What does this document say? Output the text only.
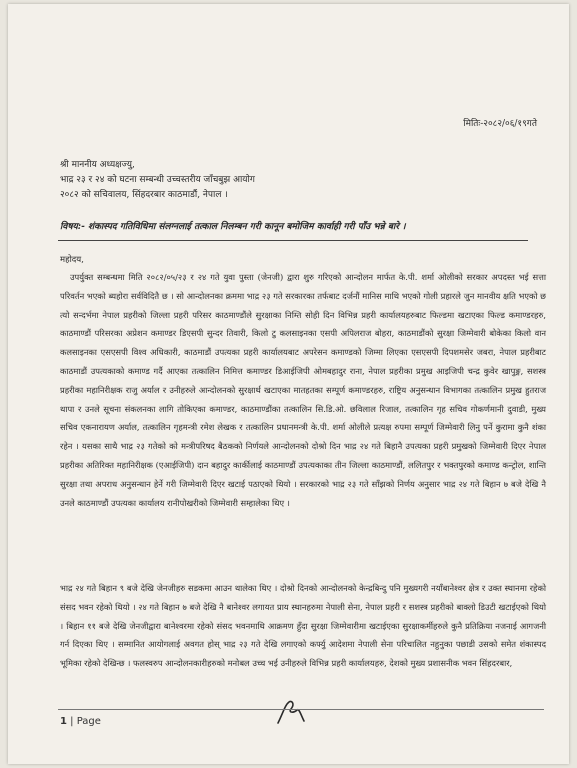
मितिः-२०८२/०६/१९गते
श्री माननीय अध्यक्षज्यु,
भाद्र २३ र २४ को घटना सम्बन्धी उच्चस्तरीय जाँचबुझ आयोग
२०८२ को सचिवालय, सिंहदरबार काठमाडौं, नेपाल ।
विषय:- शंकास्पद गतिविधिमा संलग्नलाई तत्काल निलम्बन गरी कानून बमोजिम कार्वाही गरी पाँउ भन्ने बारे ।
महोदय,
उपर्युक्त सम्बन्धमा मिति २०८२/०५/२३ र २४ गते युवा पुस्ता (जेनजी) द्वारा शुरु गरिएको आन्दोलन मार्फत के.पी. शर्मा ओलीको सरकार अपदस्त भई सत्ता परिवर्तन भएको ब्यहोरा सर्वविदितै छ । सो आन्दोलनका क्रममा भाद्र २३ गते सरकारका तर्फबाट दर्जनौं मानिस माथि भएको गोली प्रहारले जुन मानवीय क्षति भएको छ त्यो सन्दर्भमा नेपाल प्रहरीको जिल्ला प्रहरी परिसर काठमाण्डौंले सुरक्षाका निम्ति सोही दिन विभिन्न प्रहरी कार्यालयहरुबाट फिल्डमा खटाएका फिल्ड कमाण्डरहरु, काठमाण्डौं परिसरका अप्रेशन कमाण्डर डिएसपी सुन्दर तिवारी, किलो टु कलसाइनका एसपी अपिलराज बोहरा, काठमाडौंको सुरक्षा जिम्मेवारी बोकेका किलो वान कलसाइनका एसएसपी विश्व अधिकारी, काठमाडौं उपत्यका प्रहरी कार्यालयबाट अपरेसन कमाण्डको जिम्मा लिएका एसएसपी दिपशमसेर जबरा, नेपाल प्रहरीबाट काठमाडौं उपत्यकाको कमाण्ड गर्दै आएका तत्कालिन निमित्त कमाण्डर डिआईजिपी ओमबहादुर राना, नेपाल प्रहरीका प्रमुख आइजिपी चन्द्र कुवेर खापुङ्ग, सशस्त्र प्रहरीका महानिरीक्षक राजु अर्याल र उनीहरुले आन्दोलनको सुरक्षार्थ खटाएका मातहतका सम्पूर्ण कमाण्डरहरु, राष्ट्रिय अनुसन्धान विभागका तत्कालिन प्रमुख हुतराज थापा र उनले सूचना संकलनका लागि तोकिएका कमाण्डर, काठमाण्डौंका तत्कालिन सि.डि.ओ. छविलाल रिजाल, तत्कालिन गृह सचिव गोकर्णमानी दुवाडी, मुख्य सचिव एकनारायण अर्याल, तत्कालिन गृहमन्त्री रमेश लेखक र तत्कालिन प्रधानमन्त्री के.पी. शर्मा ओलीले प्रत्यक्ष रुपमा सम्पूर्ण जिम्मेवारी लिनु पर्ने कुरामा कुनै शंका रहेन । यसका साथै भाद्र २३ गतेको को मन्त्रीपरिषद बैठकको निर्णयले आन्दोलनको दोश्रो दिन भाद्र २४ गते बिहानै उपत्यका प्रहरी प्रमुखको जिम्मेवारी दिएर नेपाल प्रहरीका अतिरिक्त महानिरीक्षक (एआईजिपी) दान बहादुर कार्कीलाई काठमाण्डौं उपत्यकाका तीन जिल्ला काठमाण्डौं, ललितपुर र भक्तपुरको कमाण्ड कन्ट्रोल, शान्ति सुरक्षा तथा अपराध अनुसन्धान हेर्ने गरी जिम्मेवारी दिएर खटाई पठाएको थियो । सरकारको भाद्र २३ गते साँझको निर्णय अनुसार भाद्र २४ गते बिहान ७ बजे देखि नै उनले काठमाण्डौं उपत्यका कार्यालय रानीपोखरीको जिम्मेवारी सम्हालेका थिए ।
भाद्र २४ गते बिहान ९ बजे देखि जेनजीहरु सडकमा आउन थालेका थिए । दोश्रो दिनको आन्दोलनको केन्द्रबिन्दु पनि मुख्यगरी नयाँबानेश्वर क्षेत्र र उक्त स्थानमा रहेको संसद भवन रहेको थियो । २४ गते बिहान ७ बजे देखि नै बानेश्वर लगायत प्राय स्थानहरुमा नेपाली सेना, नेपाल प्रहरी र सशस्त्र प्रहरीको बाक्लो डिउटी खटाईएको थियो । बिहान ११ बजे देखि जेनजीद्वारा बानेश्वरमा रहेको संसद भवनमाथि आक्रमण हुँदा सुरक्षा जिम्मेवारीमा खटाईएका सुरक्षाकर्मीहरुले कुनै प्रतिक्रिया नजनाई आगजनी गर्न दिएका थिए । सम्मानित आयोगलाई अवगत होस् भाद्र २३ गते देखि लगाएको कर्फ्यु आदेशमा नेपाली सेना परिचालित नहुनुका पछाडी उसको समेत शंकास्पद भूमिका रहेको देखिन्छ । फलस्वरुप आन्दोलनकारीहरुको मनोबल उच्च भई उनीहरुले विभिन्न प्रहरी कार्यालयहरु, देशको मुख्य प्रशासनीक भवन सिंहदरबार,
1 | Page
